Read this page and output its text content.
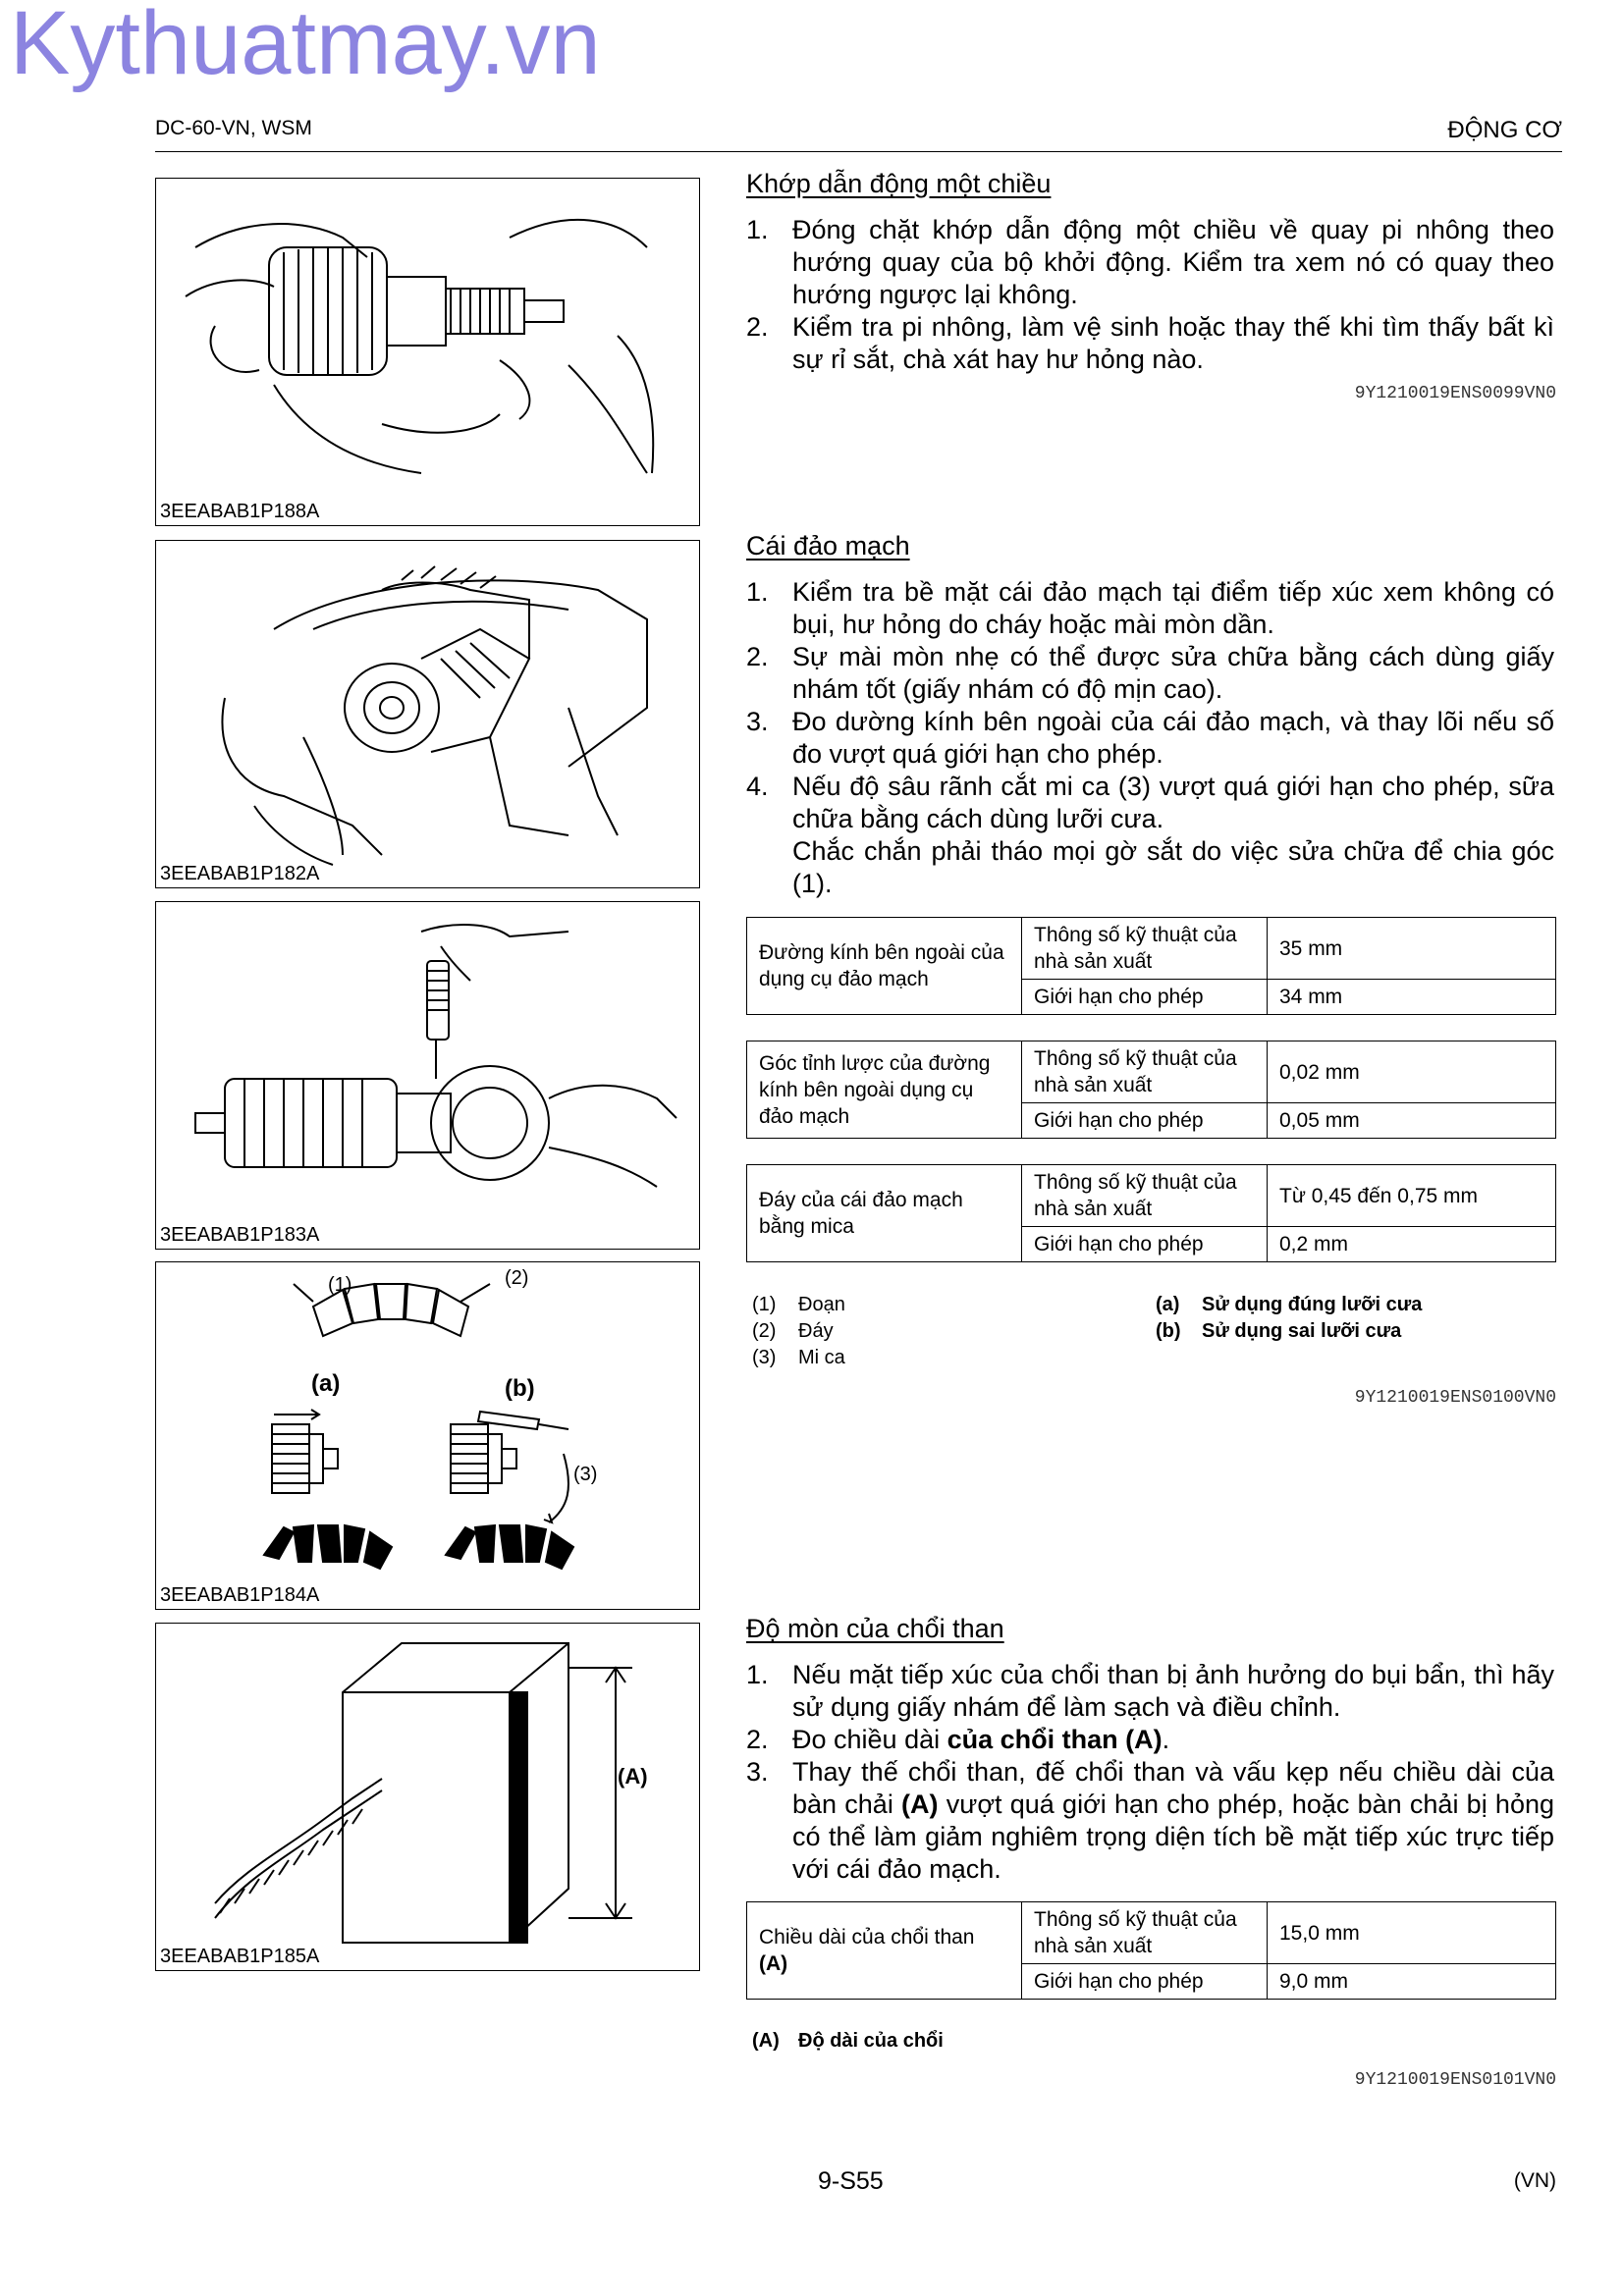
Kythuatmay.vn
DC-60-VN, WSM	ĐỘNG CƠ
3EEABAB1P188A
3EEABAB1P182A
3EEABAB1P183A
(1)	(2)
(3)
(a)	(b)
3EEABAB1P184A
(A)
3EEABAB1P185A
Khớp dẫn động một chiều
1. Đóng chặt khớp dẫn động một chiều về quay pi nhông theo hướng quay của bộ khởi động. Kiểm tra xem nó có quay theo hướng ngược lại không.
2. Kiểm tra pi nhông, làm vệ sinh hoặc thay thế khi tìm thấy bất kì sự rỉ sắt, chà xát hay hư hỏng nào.
9Y1210019ENS0099VN0
Cái đảo mạch
1. Kiểm tra bề mặt cái đảo mạch tại điểm tiếp xúc xem không có bụi, hư hỏng do cháy hoặc mài mòn dần.
2. Sự mài mòn nhẹ có thể được sửa chữa bằng cách dùng giấy nhám tốt (giấy nhám có độ mịn cao).
3. Đo dường kính bên ngoài của cái đảo mạch, và thay lõi nếu số đo vượt quá giới hạn cho phép.
4. Nếu độ sâu rãnh cắt mi ca (3) vượt quá giới hạn cho phép, sữa chữa bằng cách dùng lưỡi cưa.
Chắc chắn phải tháo mọi gờ sắt do việc sửa chữa để chia góc (1).
Đường kính bên ngoài của dụng cụ đảo mạch	Thông số kỹ thuật của nhà sản xuất	35 mm
	Giới hạn cho phép	34 mm
Góc tỉnh lược của đường kính bên ngoài dụng cụ đảo mạch	Thông số kỹ thuật của nhà sản xuất	0,02 mm
	Giới hạn cho phép	0,05 mm
Đáy của cái đảo mạch bằng mica	Thông số kỹ thuật của nhà sản xuất	Từ 0,45 đến 0,75 mm
	Giới hạn cho phép	0,2 mm
(1) Đoạn
(2) Đáy
(3) Mi ca
(a) Sử dụng đúng lưỡi cưa
(b) Sử dụng sai lưỡi cưa
9Y1210019ENS0100VN0
Độ mòn của chổi than
1. Nếu mặt tiếp xúc của chổi than bị ảnh hưởng do bụi bẩn, thì hãy sử dụng giấy nhám để làm sạch và điều chỉnh.
2. Đo chiều dài của chổi than (A).
3. Thay thế chổi than, đế chổi than và vấu kẹp nếu chiều dài của bàn chải (A) vượt quá giới hạn cho phép, hoặc bàn chải bị hỏng có thể làm giảm nghiêm trọng diện tích bề mặt tiếp xúc trực tiếp với cái đảo mạch.
Chiều dài của chổi than
(A)	Thông số kỹ thuật của nhà sản xuất	15,0 mm
	Giới hạn cho phép	9,0 mm
(A) Độ dài của chổi
9Y1210019ENS0101VN0
9-S55	(VN)
